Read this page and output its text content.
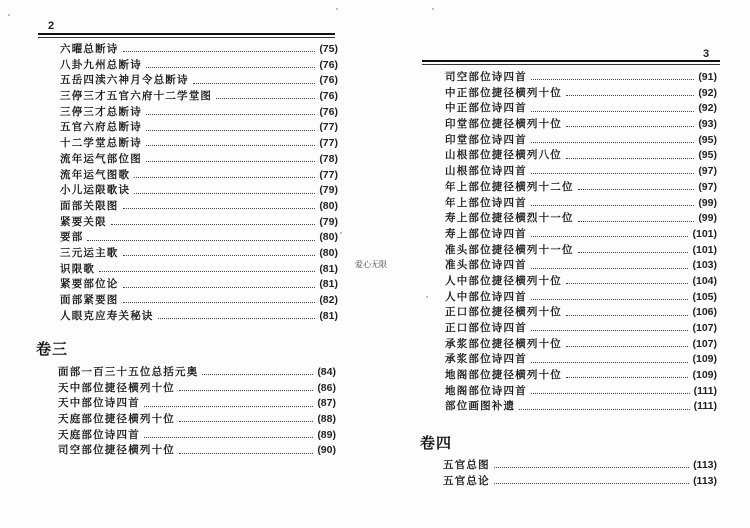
2
六曜总断诗	(75)
八卦九州总断诗	(76)
五岳四渎六神月令总断诗	(76)
三停三才五官六府十二学堂图	(76)
三停三才总断诗	(76)
五官六府总断诗	(77)
十二学堂总断诗	(77)
流年运气部位图	(78)
流年运气图歌	(77)
小儿运限歌诀	(79)
面部关限图	(80)
紧要关限	(79)
要部	(80)
三元运主歌	(80)
识限歌	(81)
紧要部位论	(81)
面部紧要图	(82)
人眼克应寿关秘诀	(81)
卷三
面部一百三十五位总括元奥	(84)
天中部位捷径横列十位	(86)
天中部位诗四首	(87)
天庭部位捷径横列十位	(88)
天庭部位诗四首	(89)
司空部位捷径横列十位	(90)
爱心无限
3
司空部位诗四首	(91)
中正部位捷径横列十位	(92)
中正部位诗四首	(92)
印堂部位捷径横列十位	(93)
印堂部位诗四首	(95)
山根部位捷径横列八位	(95)
山根部位诗四首	(97)
年上部位捷径横列十二位	(97)
年上部位诗四首	(99)
寿上部位捷径横烈十一位	(99)
寿上部位诗四首	(101)
准头部位捷径横列十一位	(101)
准头部位诗四首	(103)
人中部位捷径横列十位	(104)
人中部位诗四首	(105)
正口部位捷径横列十位	(106)
正口部位诗四首	(107)
承浆部位捷径横列十位	(107)
承浆部位诗四首	(109)
地阁部位捷径横列十位	(109)
地阁部位诗四首	(111)
部位画图补遗	(111)
卷四
五官总图	(113)
五官总论	(113)
